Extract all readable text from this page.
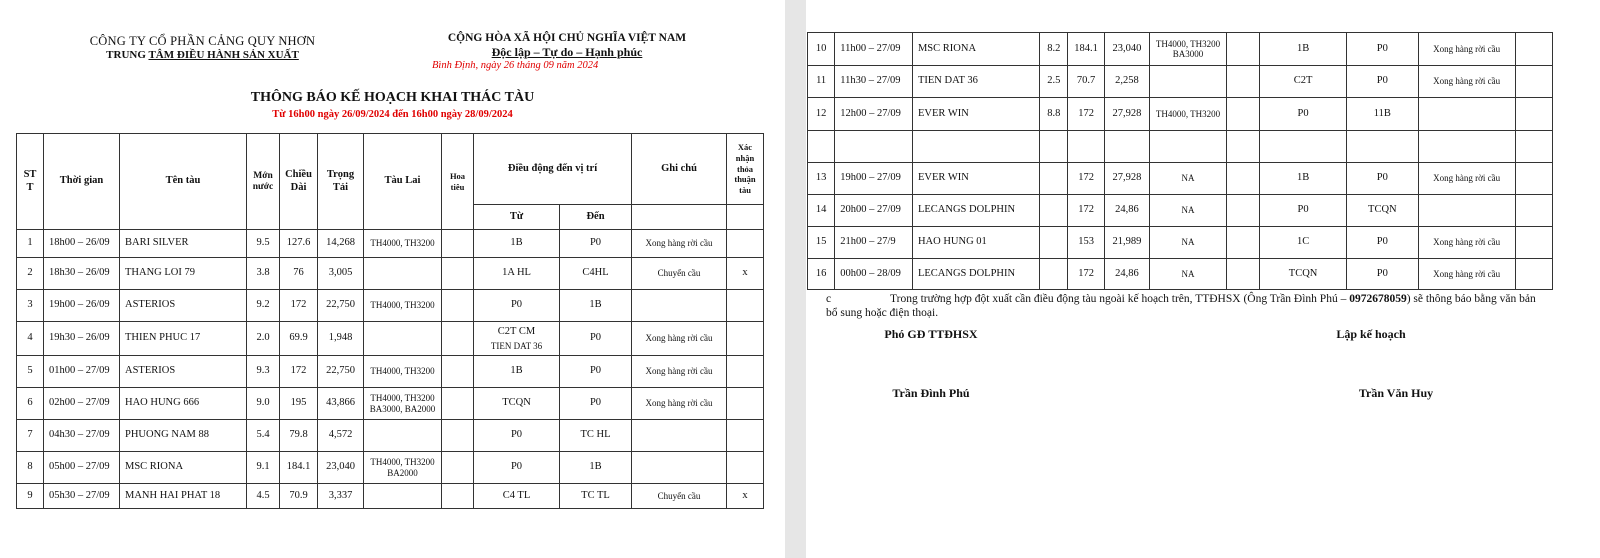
CÔNG TY CỔ PHẦN CẢNG QUY NHƠN
TRUNG TÂM ĐIỀU HÀNH SẢN XUẤT
CỘNG HÒA XÃ HỘI CHỦ NGHĨA VIỆT NAM
Độc lập – Tự do – Hạnh phúc
Bình Định, ngày 26 tháng 09 năm 2024
THÔNG BÁO KẾ HOẠCH KHAI THÁC TÀU
Từ 16h00 ngày 26/09/2024 đến 16h00 ngày 28/09/2024
ST T	Thời gian	Tên tàu	Mớn nước	Chiều Dài	Trọng Tải	Tàu Lai	Hoa tiêu	Điều động đến vị trí		Ghi chú	Xác nhận thỏa thuận tàu
								Từ	Đến		

1	18h00 – 26/09	BARI SILVER	9.5	127.6	14,268	TH4000, TH3200		1B	P0	Xong hàng rời cầu	

2	18h30 – 26/09	THANG LOI 79	3.8	76	3,005			1A HL	C4HL	Chuyển cầu	x

3	19h00 – 26/09	ASTERIOS	9.2	172	22,750	TH4000, TH3200		P0	1B		

4	19h30 – 26/09	THIEN PHUC 17	2.0	69.9	1,948			C2T CM
TIEN DAT 36	P0	Xong hàng rời cầu	

5	01h00 – 27/09	ASTERIOS	9.3	172	22,750	TH4000, TH3200		1B	P0	Xong hàng rời cầu	

6	02h00 – 27/09	HAO HUNG 666	9.0	195	43,866	TH4000, TH3200
BA3000, BA2000		TCQN	P0	Xong hàng rời cầu	

7	04h30 – 27/09	PHUONG NAM 88	5.4	79.8	4,572			P0	TC HL		

8	05h00 – 27/09	MSC RIONA	9.1	184.1	23,040	TH4000, TH3200
BA2000		P0	1B		

9	05h30 – 27/09	MANH HAI PHAT 18	4.5	70.9	3,337			C4 TL	TC TL	Chuyển cầu	x
10	11h00 – 27/09	MSC RIONA	8.2	184.1	23,040	TH4000, TH3200
BA3000		1B	P0	Xong hàng rời cầu	

11	11h30 – 27/09	TIEN DAT 36	2.5	70.7	2,258			C2T	P0	Xong hàng rời cầu	

12	12h00 – 27/09	EVER WIN	8.8	172	27,928	TH4000, TH3200		P0	11B		

13	19h00 – 27/09	EVER WIN		172	27,928	NA		1B	P0	Xong hàng rời cầu	

14	20h00 – 27/09	LECANGS DOLPHIN		172	24,86	NA		P0	TCQN		

15	21h00 – 27/9	HAO HUNG 01		153	21,989	NA		1C	P0	Xong hàng rời cầu	

16	00h00 – 28/09	LECANGS DOLPHIN		172	24,86	NA		TCQN	P0	Xong hàng rời cầu	

c	Trong trường hợp đột xuất cần điều động tàu ngoài kế hoạch trên, TTĐHSX (Ông Trần Đình Phú – 0972678059) sẽ thông báo bằng văn bản bổ sung hoặc điện thoại.
Phó GĐ TTĐHSX
Trần Đình Phú
Lập kế hoạch
Trần Văn Huy
